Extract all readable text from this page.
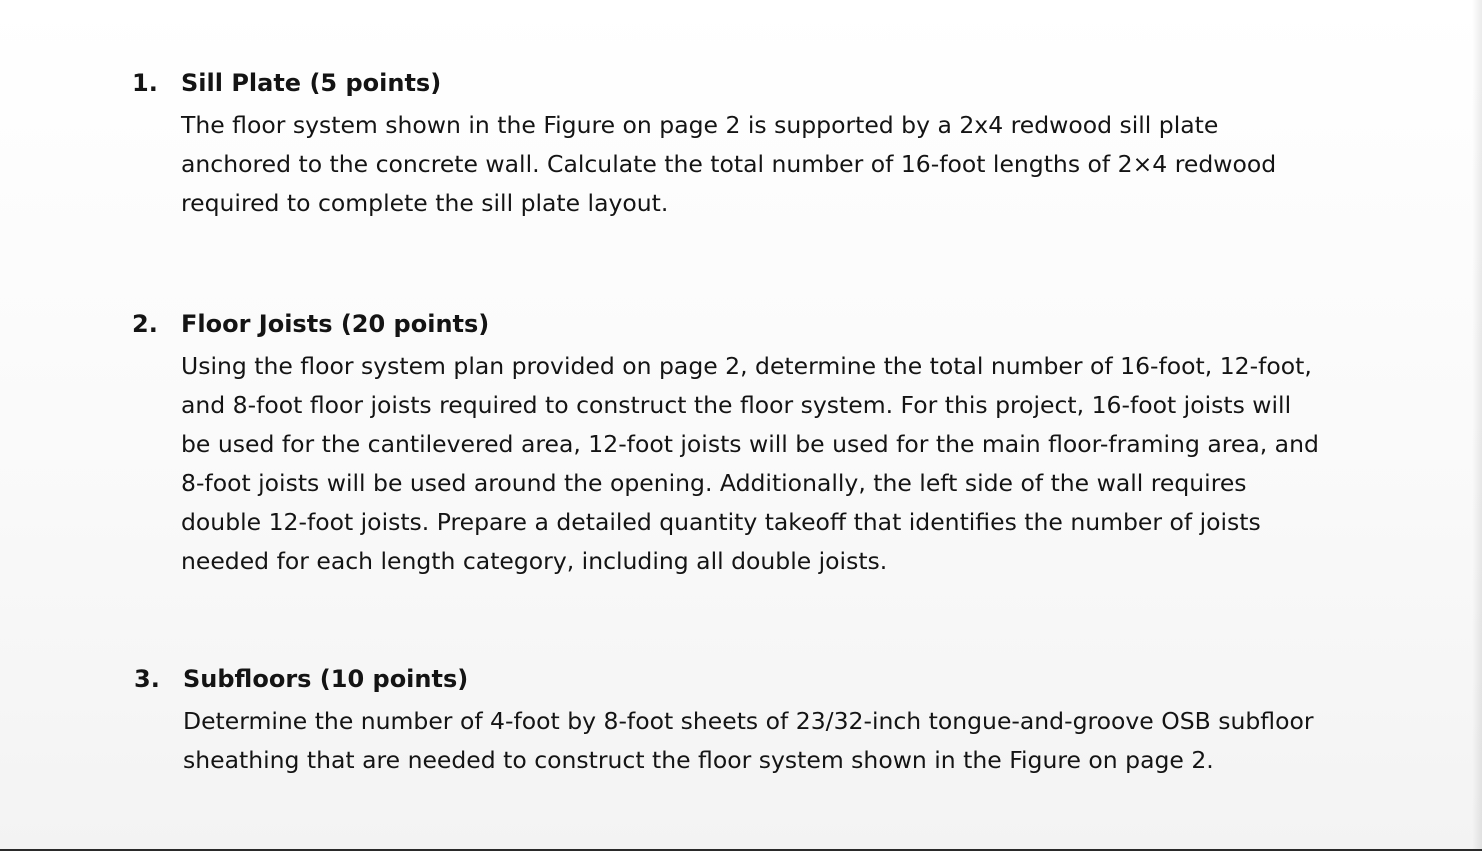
1. Sill Plate (5 points)
The floor system shown in the Figure on page 2 is supported by a 2x4 redwood sill plate
anchored to the concrete wall. Calculate the total number of 16-foot lengths of 2×4 redwood
required to complete the sill plate layout.
2. Floor Joists (20 points)
Using the floor system plan provided on page 2, determine the total number of 16-foot, 12-foot,
and 8-foot floor joists required to construct the floor system. For this project, 16-foot joists will
be used for the cantilevered area, 12-foot joists will be used for the main floor-framing area, and
8-foot joists will be used around the opening. Additionally, the left side of the wall requires
double 12-foot joists. Prepare a detailed quantity takeoff that identifies the number of joists
needed for each length category, including all double joists.
3. Subfloors (10 points)
Determine the number of 4-foot by 8-foot sheets of 23/32-inch tongue-and-groove OSB subfloor
sheathing that are needed to construct the floor system shown in the Figure on page 2.
